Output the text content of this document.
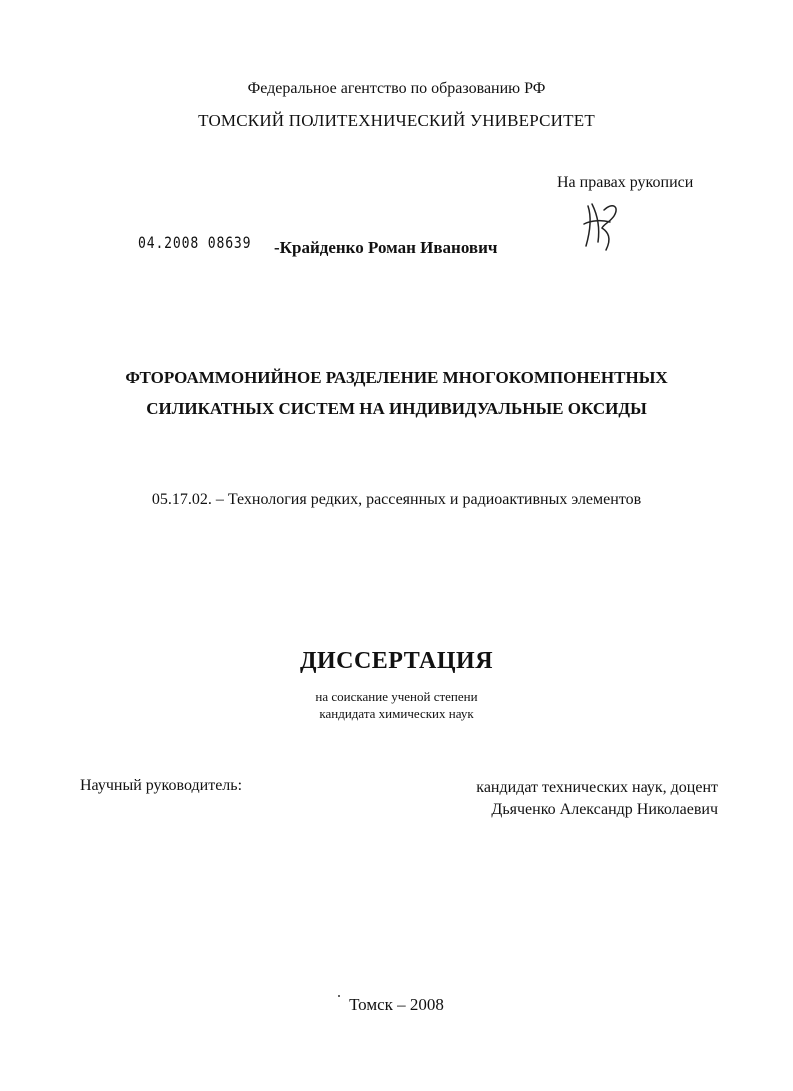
Федеральное агентство по образованию РФ
ТОМСКИЙ ПОЛИТЕХНИЧЕСКИЙ УНИВЕРСИТЕТ
На правах рукописи
04.2008 08639 -Крайденко Роман Иванович
ФТОРОАММОНИЙНОЕ РАЗДЕЛЕНИЕ МНОГОКОМПОНЕНТНЫХ
СИЛИКАТНЫХ СИСТЕМ НА ИНДИВИДУАЛЬНЫЕ ОКСИДЫ
05.17.02. – Технология редких, рассеянных и радиоактивных элементов
ДИССЕРТАЦИЯ
на соискание ученой степени
кандидата химических наук
Научный руководитель:	кандидат технических наук, доцент
Дьяченко Александр Николаевич
Томск – 2008
